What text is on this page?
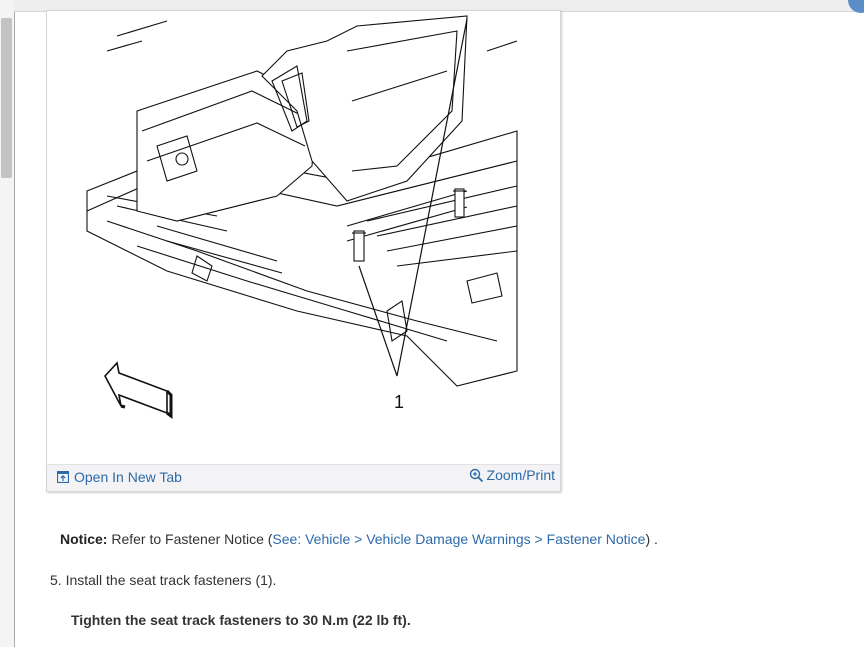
1
Open In New Tab	Zoom/Print
Notice: Refer to Fastener Notice (See: Vehicle > Vehicle Damage Warnings > Fastener Notice) .
5. Install the seat track fasteners (1).
Tighten the seat track fasteners to 30 N.m (22 lb ft).
